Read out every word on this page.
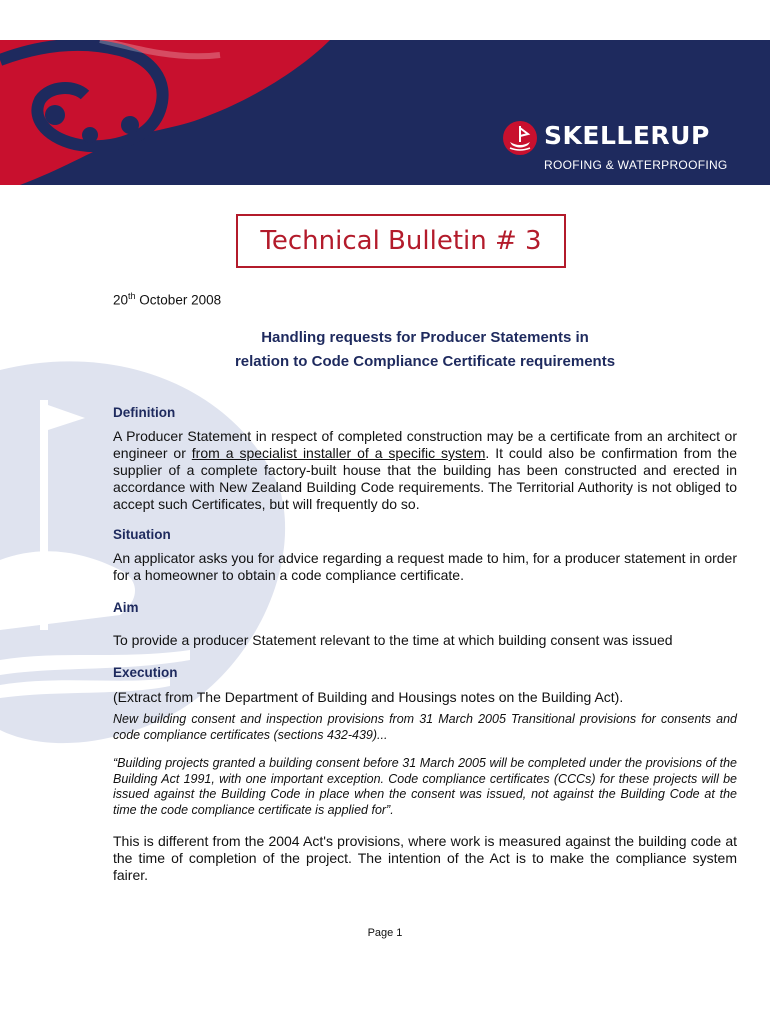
SKELLERUP
ROOFING & WATERPROOFING
Technical Bulletin # 3
20th October 2008
Handling requests for Producer Statements in
relation to Code Compliance Certificate requirements
Definition
A Producer Statement in respect of completed construction may be a certificate from an architect or engineer or from a specialist installer of a specific system. It could also be confirmation from the supplier of a complete factory-built house that the building has been constructed and erected in accordance with New Zealand Building Code requirements. The Territorial Authority is not obliged to accept such Certificates, but will frequently do so.
Situation
An applicator asks you for advice regarding a request made to him, for a producer statement in order for a homeowner to obtain a code compliance certificate.
Aim
To provide a producer Statement relevant to the time at which building consent was issued
Execution
(Extract from The Department of Building and Housings notes on the Building Act).
New building consent and inspection provisions from 31 March 2005 Transitional provisions for consents and code compliance certificates (sections 432-439)...
“Building projects granted a building consent before 31 March 2005 will be completed under the provisions of the Building Act 1991, with one important exception. Code compliance certificates (CCCs) for these projects will be issued against the Building Code in place when the consent was issued, not against the Building Code at the time the code compliance certificate is applied for”.
This is different from the 2004 Act's provisions, where work is measured against the building code at the time of completion of the project. The intention of the Act is to make the compliance system fairer.
Page 1
